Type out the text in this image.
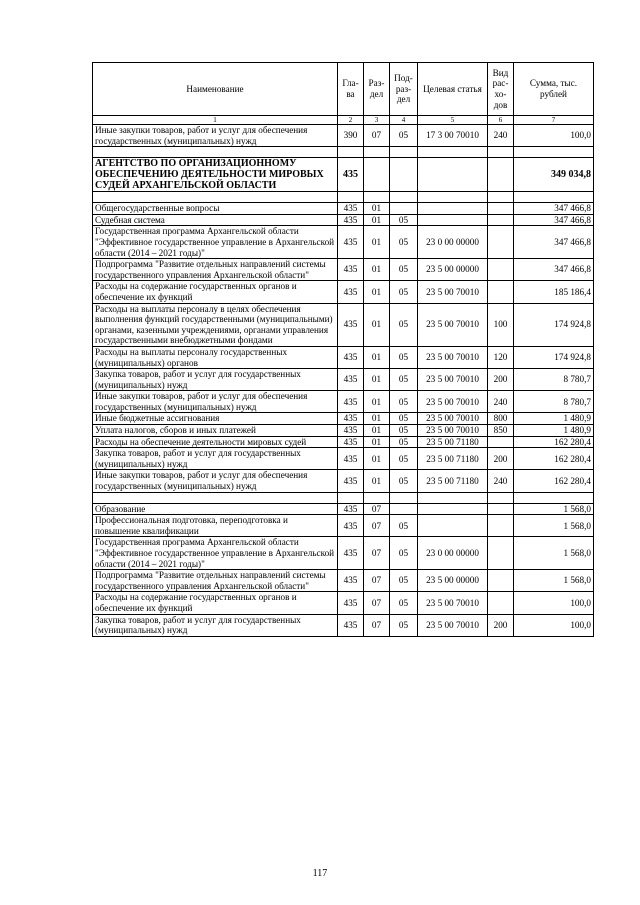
Наименование	Гла-ва	Раз-дел	Под-раз-дел	Целевая статья	Вид рас-хо-дов	Сумма, тыс. рублей
1	2	3	4	5	6	7
Иные закупки товаров, работ и услуг для обеспечения государственных (муниципальных) нужд	390	07	05	17 3 00 70010	240	100,0

АГЕНТСТВО ПО ОРГАНИЗАЦИОННОМУ ОБЕСПЕЧЕНИЮ ДЕЯТЕЛЬНОСТИ МИРОВЫХ СУДЕЙ АРХАНГЕЛЬСКОЙ ОБЛАСТИ	435					349 034,8

Общегосударственные вопросы	435	01				347 466,8
Судебная система	435	01	05			347 466,8
Государственная программа Архангельской области "Эффективное государственное управление в Архангельской области (2014 – 2021 годы)"	435	01	05	23 0 00 00000		347 466,8
Подпрограмма "Развитие отдельных направлений системы государственного управления Архангельской области"	435	01	05	23 5 00 00000		347 466,8
Расходы на содержание государственных органов и обеспечение их функций	435	01	05	23 5 00 70010		185 186,4
Расходы на выплаты персоналу в целях обеспечения выполнения функций государственными (муниципальными) органами, казенными учреждениями, органами управления государственными внебюджетными фондами	435	01	05	23 5 00 70010	100	174 924,8
Расходы на выплаты персоналу государственных (муниципальных) органов	435	01	05	23 5 00 70010	120	174 924,8
Закупка товаров, работ и услуг для государственных (муниципальных) нужд	435	01	05	23 5 00 70010	200	8 780,7
Иные закупки товаров, работ и услуг для обеспечения государственных (муниципальных) нужд	435	01	05	23 5 00 70010	240	8 780,7
Иные бюджетные ассигнования	435	01	05	23 5 00 70010	800	1 480,9
Уплата налогов, сборов и иных платежей	435	01	05	23 5 00 70010	850	1 480,9
Расходы на обеспечение деятельности мировых судей	435	01	05	23 5 00 71180		162 280,4
Закупка товаров, работ и услуг для государственных (муниципальных) нужд	435	01	05	23 5 00 71180	200	162 280,4
Иные закупки товаров, работ и услуг для обеспечения государственных (муниципальных) нужд	435	01	05	23 5 00 71180	240	162 280,4

Образование	435	07				1 568,0
Профессиональная подготовка, переподготовка и повышение квалификации	435	07	05			1 568,0
Государственная программа Архангельской области "Эффективное государственное управление в Архангельской области (2014 – 2021 годы)"	435	07	05	23 0 00 00000		1 568,0
Подпрограмма "Развитие отдельных направлений системы государственного управления Архангельской области"	435	07	05	23 5 00 00000		1 568,0
Расходы на содержание государственных органов и обеспечение их функций	435	07	05	23 5 00 70010		100,0
Закупка товаров, работ и услуг для государственных (муниципальных) нужд	435	07	05	23 5 00 70010	200	100,0
117
